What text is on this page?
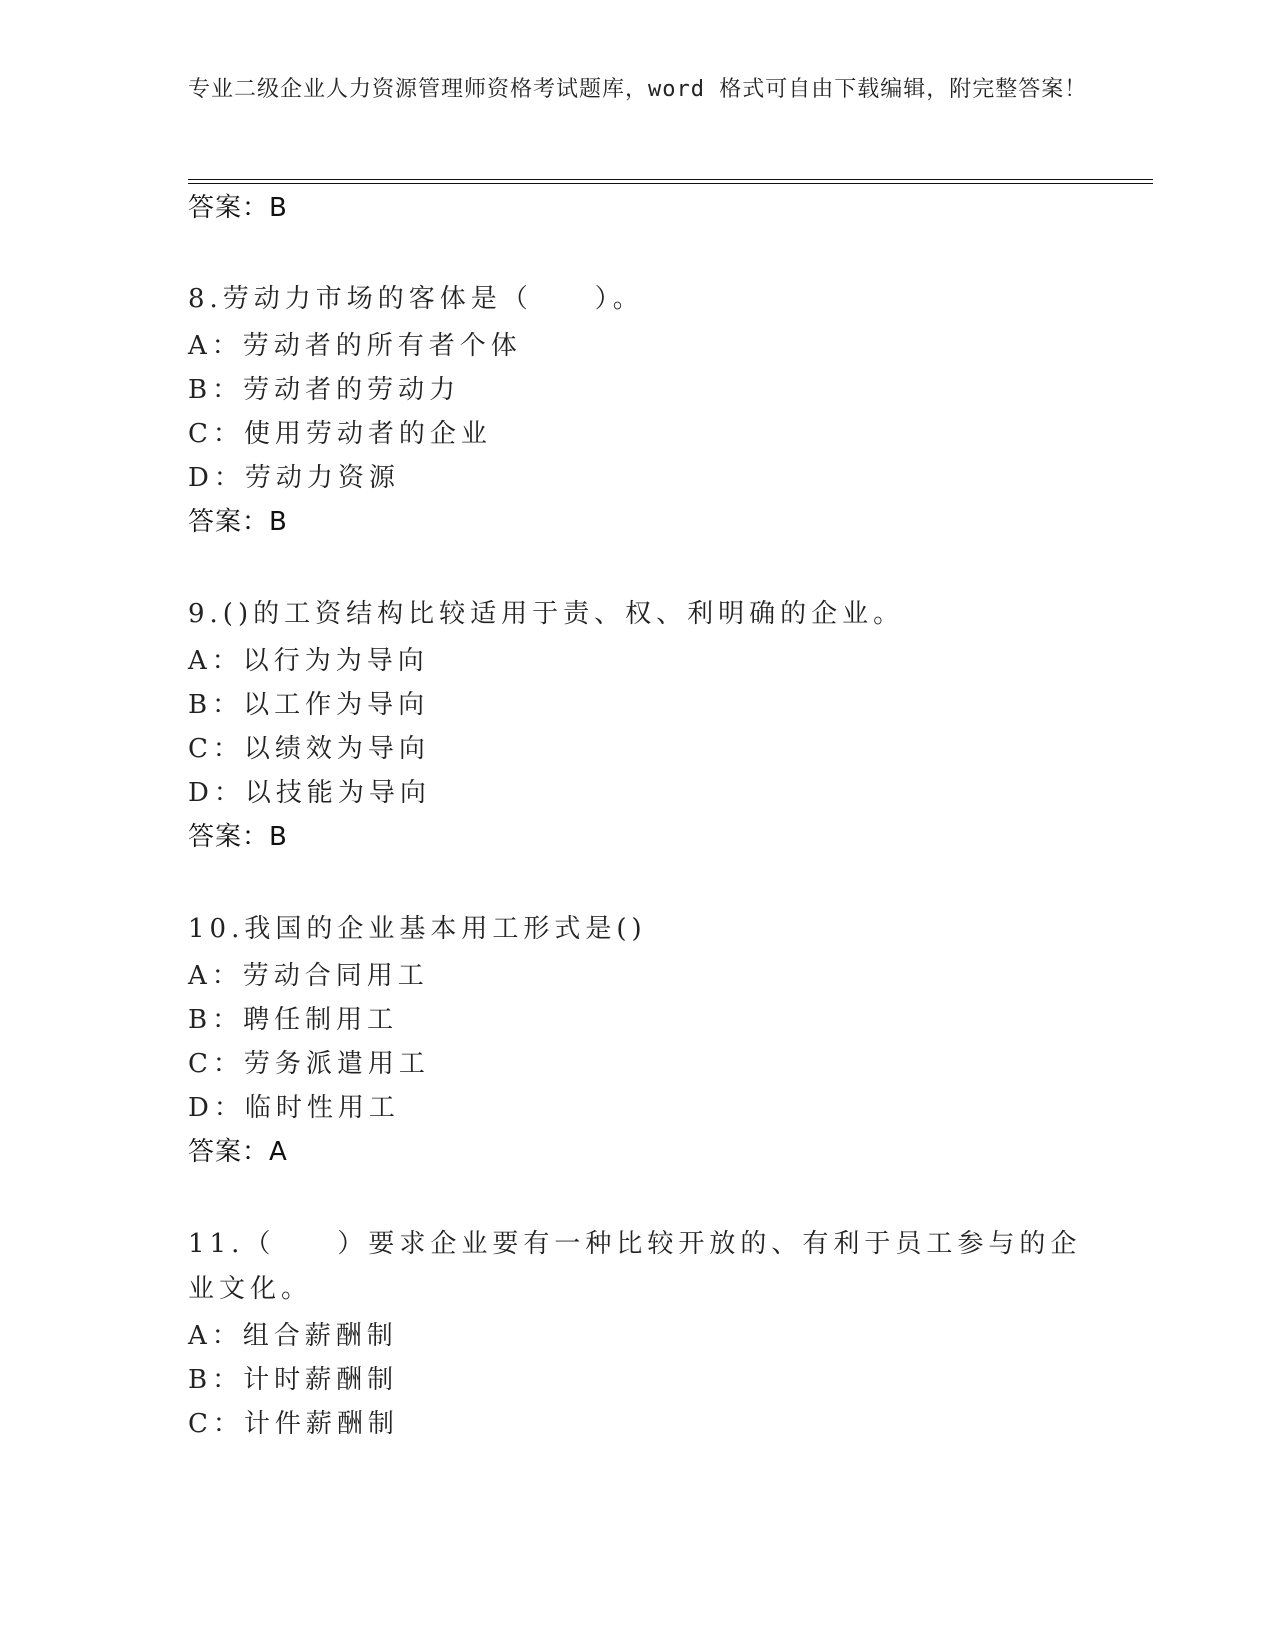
专业二级企业人力资源管理师资格考试题库，word 格式可自由下载编辑，附完整答案！
答案：B
8.劳动力市场的客体是（　　）。
A：劳动者的所有者个体
B：劳动者的劳动力
C：使用劳动者的企业
D：劳动力资源
答案：B
9.()的工资结构比较适用于责、权、利明确的企业。
A：以行为为导向
B：以工作为导向
C：以绩效为导向
D：以技能为导向
答案：B
10.我国的企业基本用工形式是()
A：劳动合同用工
B：聘任制用工
C：劳务派遣用工
D：临时性用工
答案：A
11.（　　）要求企业要有一种比较开放的、有利于员工参与的企业文化。
A：组合薪酬制
B：计时薪酬制
C：计件薪酬制
